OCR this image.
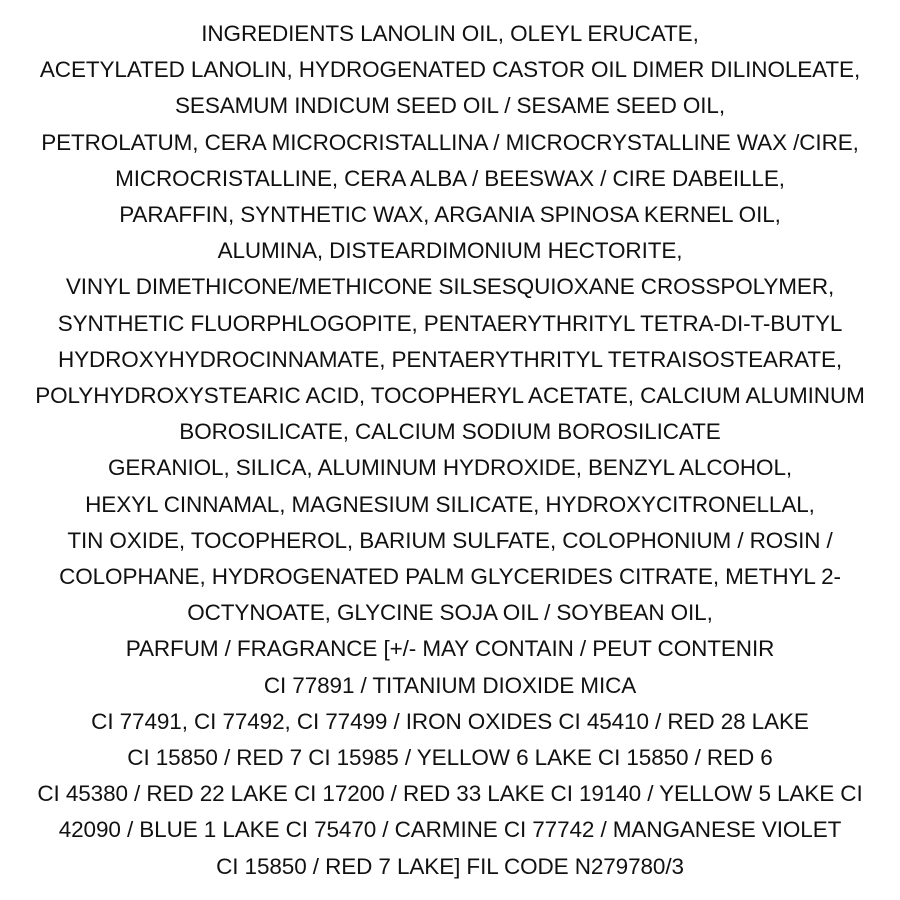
INGREDIENTS LANOLIN OIL, OLEYL ERUCATE,
ACETYLATED LANOLIN, HYDROGENATED CASTOR OIL DIMER DILINOLEATE,
SESAMUM INDICUM SEED OIL / SESAME SEED OIL,
PETROLATUM, CERA MICROCRISTALLINA / MICROCRYSTALLINE WAX /CIRE,
MICROCRISTALLINE, CERA ALBA / BEESWAX / CIRE DABEILLE,
PARAFFIN, SYNTHETIC WAX, ARGANIA SPINOSA KERNEL OIL,
ALUMINA, DISTEARDIMONIUM HECTORITE,
VINYL DIMETHICONE/METHICONE SILSESQUIOXANE CROSSPOLYMER,
SYNTHETIC FLUORPHLOGOPITE, PENTAERYTHRITYL TETRA-DI-T-BUTYL
HYDROXYHYDROCINNAMATE, PENTAERYTHRITYL TETRAISOSTEARATE,
POLYHYDROXYSTEARIC ACID, TOCOPHERYL ACETATE, CALCIUM ALUMINUM
BOROSILICATE, CALCIUM SODIUM BOROSILICATE
GERANIOL, SILICA, ALUMINUM HYDROXIDE, BENZYL ALCOHOL,
HEXYL CINNAMAL, MAGNESIUM SILICATE, HYDROXYCITRONELLAL,
TIN OXIDE, TOCOPHEROL, BARIUM SULFATE, COLOPHONIUM / ROSIN /
COLOPHANE, HYDROGENATED PALM GLYCERIDES CITRATE, METHYL 2-
OCTYNOATE, GLYCINE SOJA OIL / SOYBEAN OIL,
PARFUM / FRAGRANCE [+/- MAY CONTAIN / PEUT CONTENIR
CI 77891 / TITANIUM DIOXIDE MICA
CI 77491, CI 77492, CI 77499 / IRON OXIDES CI 45410 / RED 28 LAKE
CI 15850 / RED 7 CI 15985 / YELLOW 6 LAKE CI 15850 / RED 6
CI 45380 / RED 22 LAKE CI 17200 / RED 33 LAKE CI 19140 / YELLOW 5 LAKE CI
42090 / BLUE 1 LAKE CI 75470 / CARMINE CI 77742 / MANGANESE VIOLET
CI 15850 / RED 7 LAKE] FIL CODE N279780/3
